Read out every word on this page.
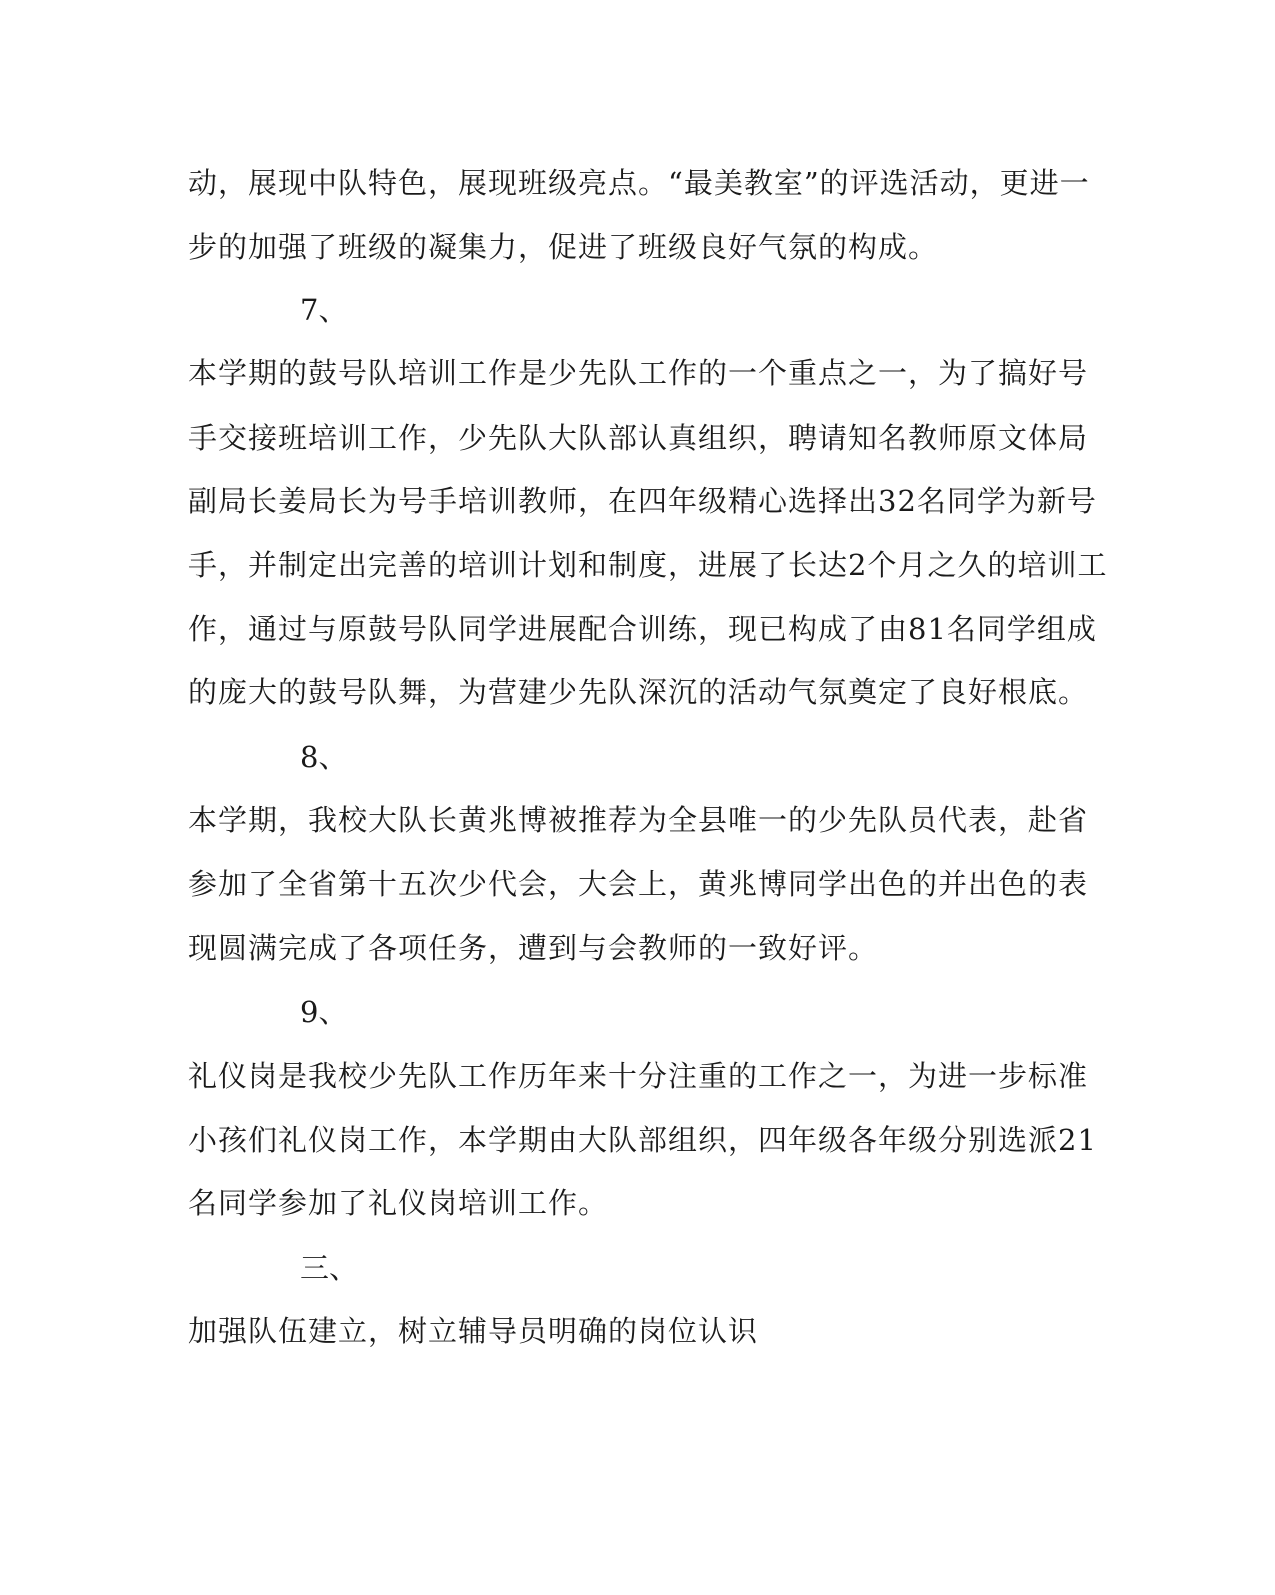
动，展现中队特色，展现班级亮点。“最美教室”的评选活动，更进一
步的加强了班级的凝集力，促进了班级良好气氛的构成。
7、
本学期的鼓号队培训工作是少先队工作的一个重点之一，为了搞好号
手交接班培训工作，少先队大队部认真组织，聘请知名教师原文体局
副局长姜局长为号手培训教师，在四年级精心选择出32名同学为新号
手，并制定出完善的培训计划和制度，进展了长达2个月之久的培训工
作，通过与原鼓号队同学进展配合训练，现已构成了由81名同学组成
的庞大的鼓号队舞，为营建少先队深沉的活动气氛奠定了良好根底。
8、
本学期，我校大队长黄兆博被推荐为全县唯一的少先队员代表，赴省
参加了全省第十五次少代会，大会上，黄兆博同学出色的并出色的表
现圆满完成了各项任务，遭到与会教师的一致好评。
9、
礼仪岗是我校少先队工作历年来十分注重的工作之一，为进一步标准
小孩们礼仪岗工作，本学期由大队部组织，四年级各年级分别选派21
名同学参加了礼仪岗培训工作。
三、
加强队伍建立，树立辅导员明确的岗位认识
